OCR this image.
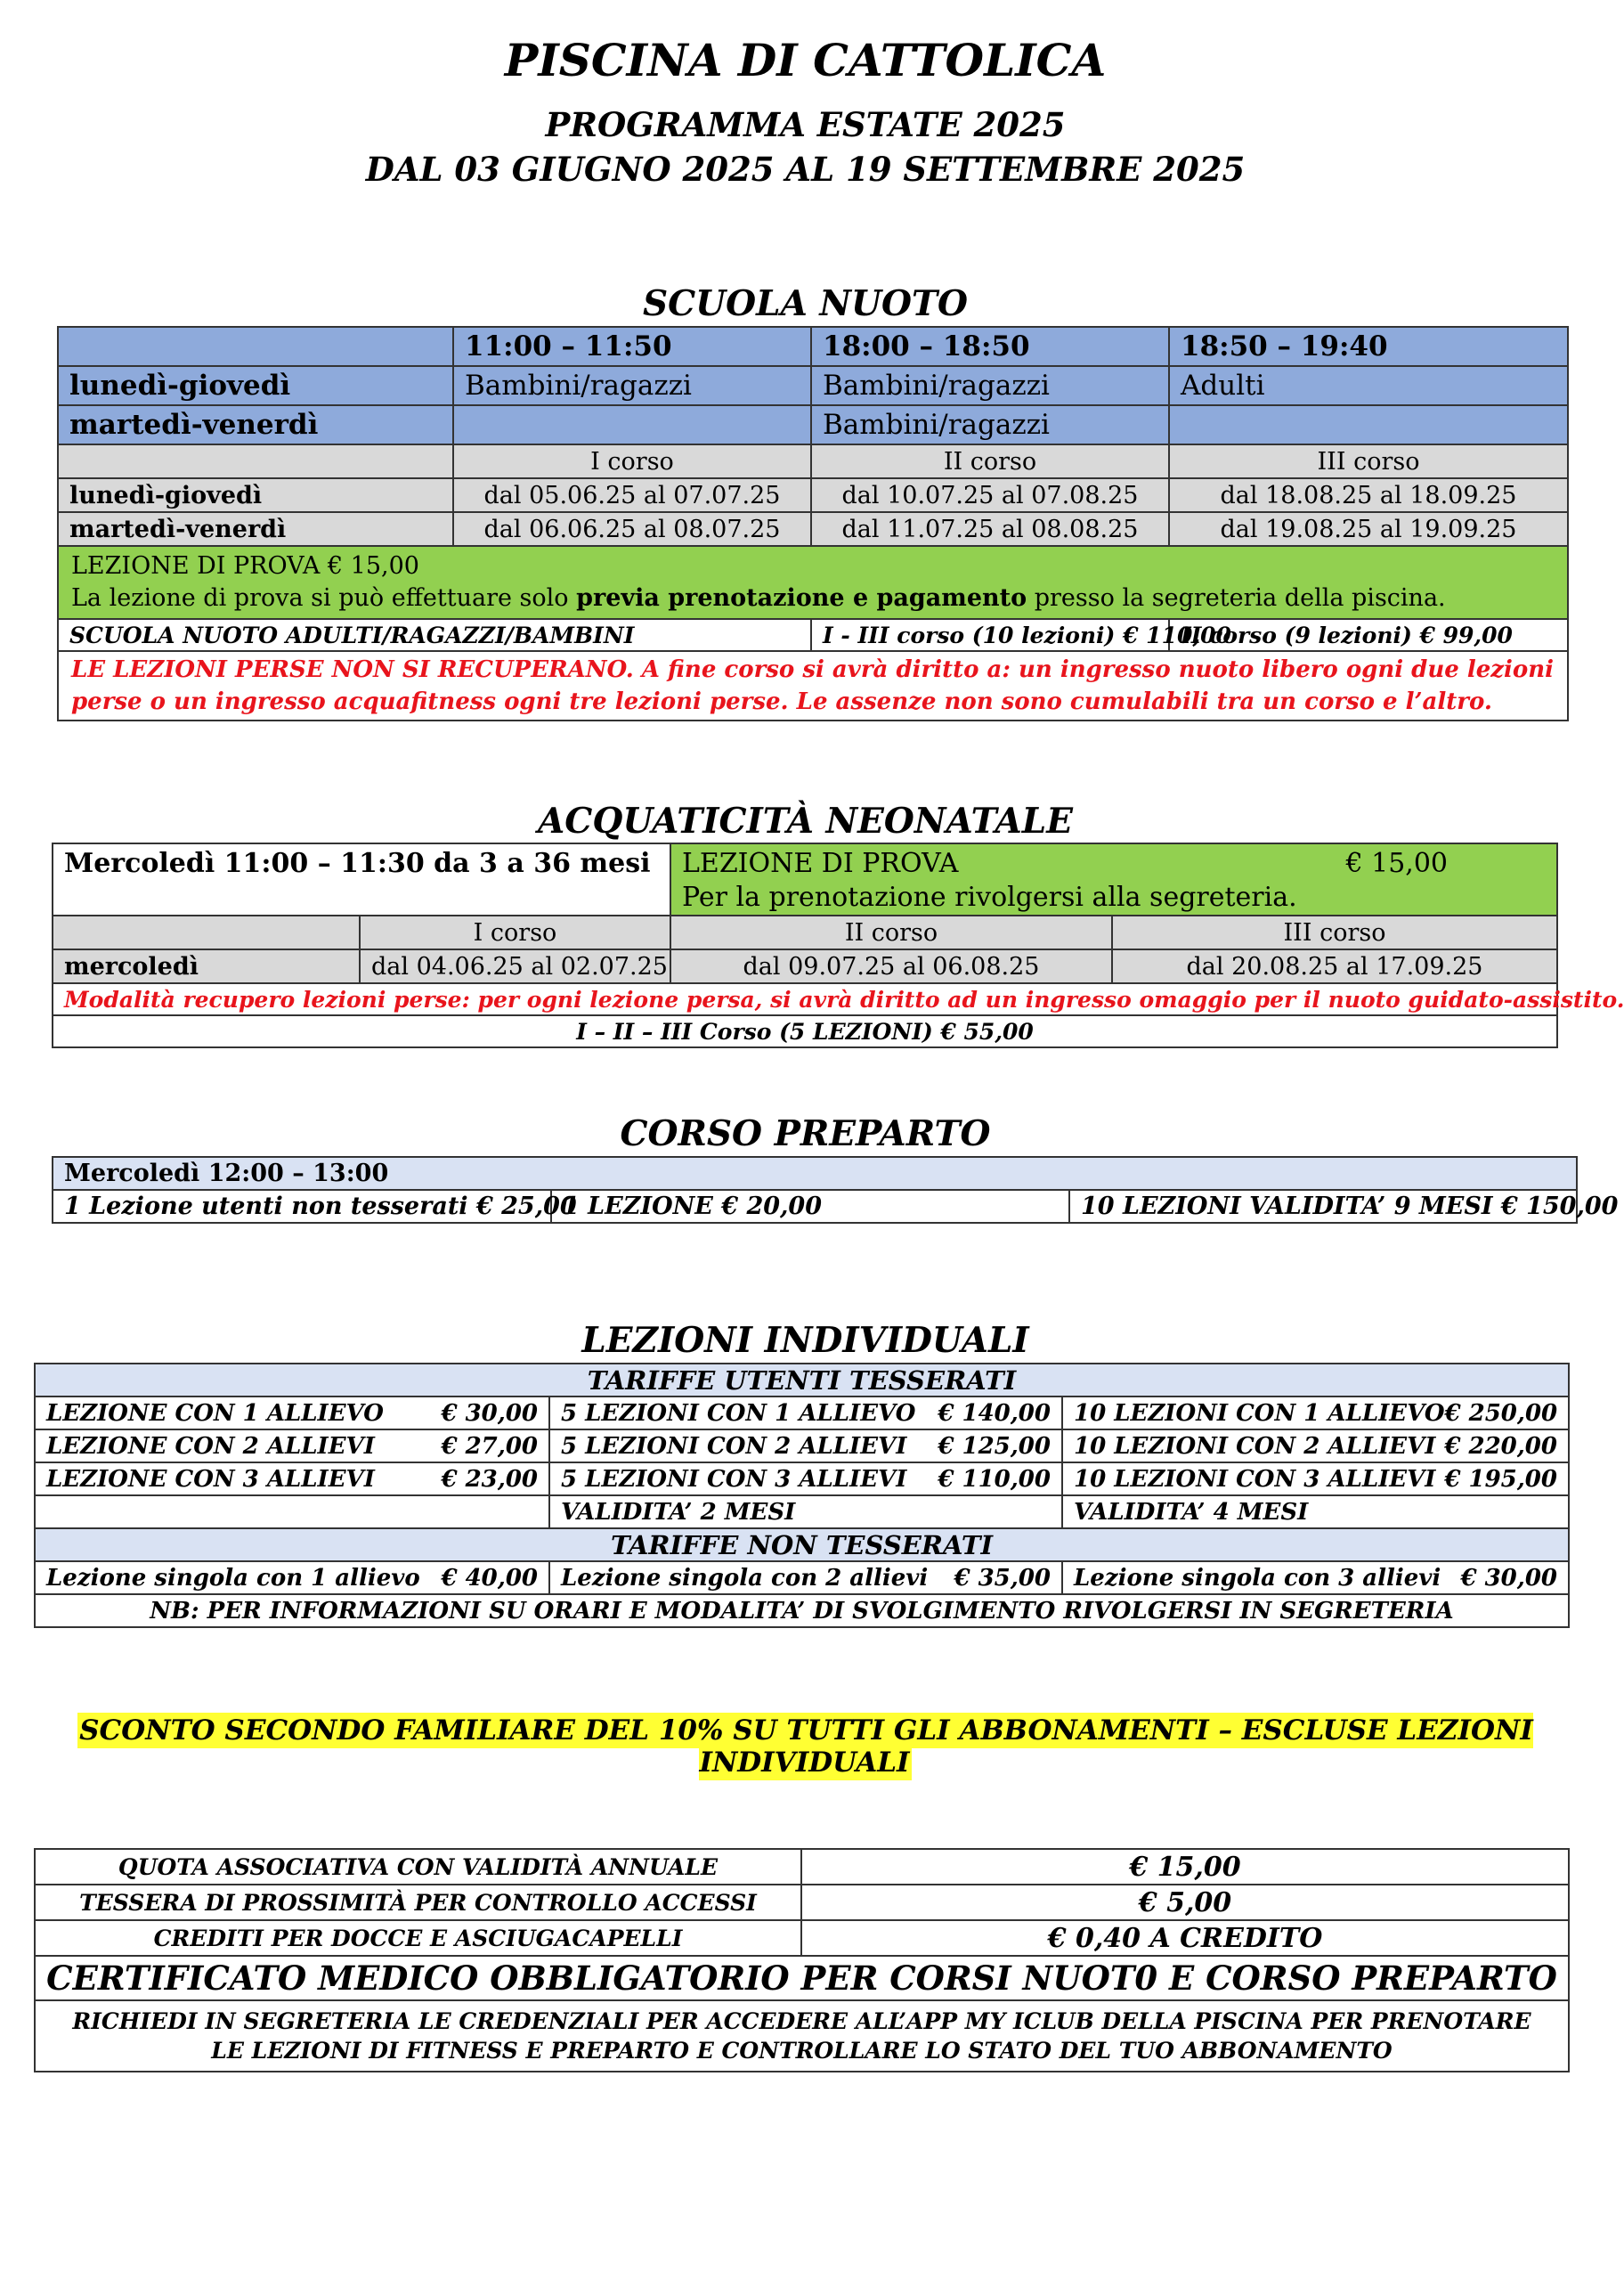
PISCINA DI CATTOLICA
PROGRAMMA ESTATE 2025
DAL 03 GIUGNO 2025 AL 19 SETTEMBRE 2025
SCUOLA NUOTO
	11:00 – 11:50	18:00 – 18:50	18:50 – 19:40
lunedì-giovedì	Bambini/ragazzi	Bambini/ragazzi	Adulti
martedì-venerdì		Bambini/ragazzi	
	I corso	II corso	III corso
lunedì-giovedì	dal 05.06.25 al 07.07.25	dal 10.07.25 al 07.08.25	dal 18.08.25 al 18.09.25
martedì-venerdì	dal 06.06.25 al 08.07.25	dal 11.07.25 al 08.08.25	dal 19.08.25 al 19.09.25

LEZIONE DI PROVA € 15,00
La lezione di prova si può effettuare solo previa prenotazione e pagamento presso la segreteria della piscina.			

SCUOLA NUOTO ADULTI/RAGAZZI/BAMBINI		I - III corso (10 lezioni) € 110,00	II corso (9 lezioni) € 99,00
LE LEZIONI PERSE NON SI RECUPERANO. A fine corso si avrà diritto a: un ingresso nuoto libero ogni due lezioni perse o un ingresso acquafitness ogni tre lezioni perse. Le assenze non sono cumulabili tra un corso e l’altro.			
ACQUATICITÀ NEONATALE
Mercoledì 11:00 – 11:30 da 3 a 36 mesi		LEZIONE DI PROVA € 15,00
Per la prenotazione rivolgersi alla segreteria.	

	I corso	II corso	III corso
mercoledì	dal 04.06.25 al 02.07.25	dal 09.07.25 al 06.08.25	dal 20.08.25 al 17.09.25
Modalità recupero lezioni perse: per ogni lezione persa, si avrà diritto ad un ingresso omaggio per il nuoto guidato-assistito.			
I – II – III Corso (5 LEZIONI) € 55,00			
CORSO PREPARTO
Mercoledì 12:00 – 13:00
1 Lezione utenti non tesserati € 25,00	1 LEZIONE € 20,00	10 LEZIONI VALIDITA’ 9 MESI € 150,00
LEZIONI INDIVIDUALI
TARIFFE UTENTI TESSERATI		

LEZIONE CON 1 ALLIEVO € 30,00	5 LEZIONI CON 1 ALLIEVO € 140,00	10 LEZIONI CON 1 ALLIEVO € 250,00

LEZIONE CON 2 ALLIEVI € 27,00	5 LEZIONI CON 2 ALLIEVI € 125,00	10 LEZIONI CON 2 ALLIEVI € 220,00

LEZIONE CON 3 ALLIEVI € 23,00	5 LEZIONI CON 3 ALLIEVI € 110,00	10 LEZIONI CON 3 ALLIEVI € 195,00

	VALIDITA’ 2 MESI	VALIDITA’ 4 MESI
TARIFFE NON TESSERATI		

Lezione singola con 1 allievo € 40,00	Lezione singola con 2 allievi € 35,00	Lezione singola con 3 allievi € 30,00

NB: PER INFORMAZIONI SU ORARI E MODALITA’ DI SVOLGIMENTO RIVOLGERSI IN SEGRETERIA		
SCONTO SECONDO FAMILIARE DEL 10% SU TUTTI GLI ABBONAMENTI – ESCLUSE LEZIONI INDIVIDUALI
QUOTA ASSOCIATIVA CON VALIDITÀ ANNUALE	€ 15,00
TESSERA DI PROSSIMITÀ PER CONTROLLO ACCESSI	€ 5,00
CREDITI PER DOCCE E ASCIUGACAPELLI	€ 0,40 A CREDITO
CERTIFICATO MEDICO OBBLIGATORIO PER CORSI NUOT0 E CORSO PREPARTO	

RICHIEDI IN SEGRETERIA LE CREDENZIALI PER ACCEDERE ALL’APP MY ICLUB DELLA PISCINA PER PRENOTARE
LE LEZIONI DI FITNESS E PREPARTO E CONTROLLARE LO STATO DEL TUO ABBONAMENTO	
